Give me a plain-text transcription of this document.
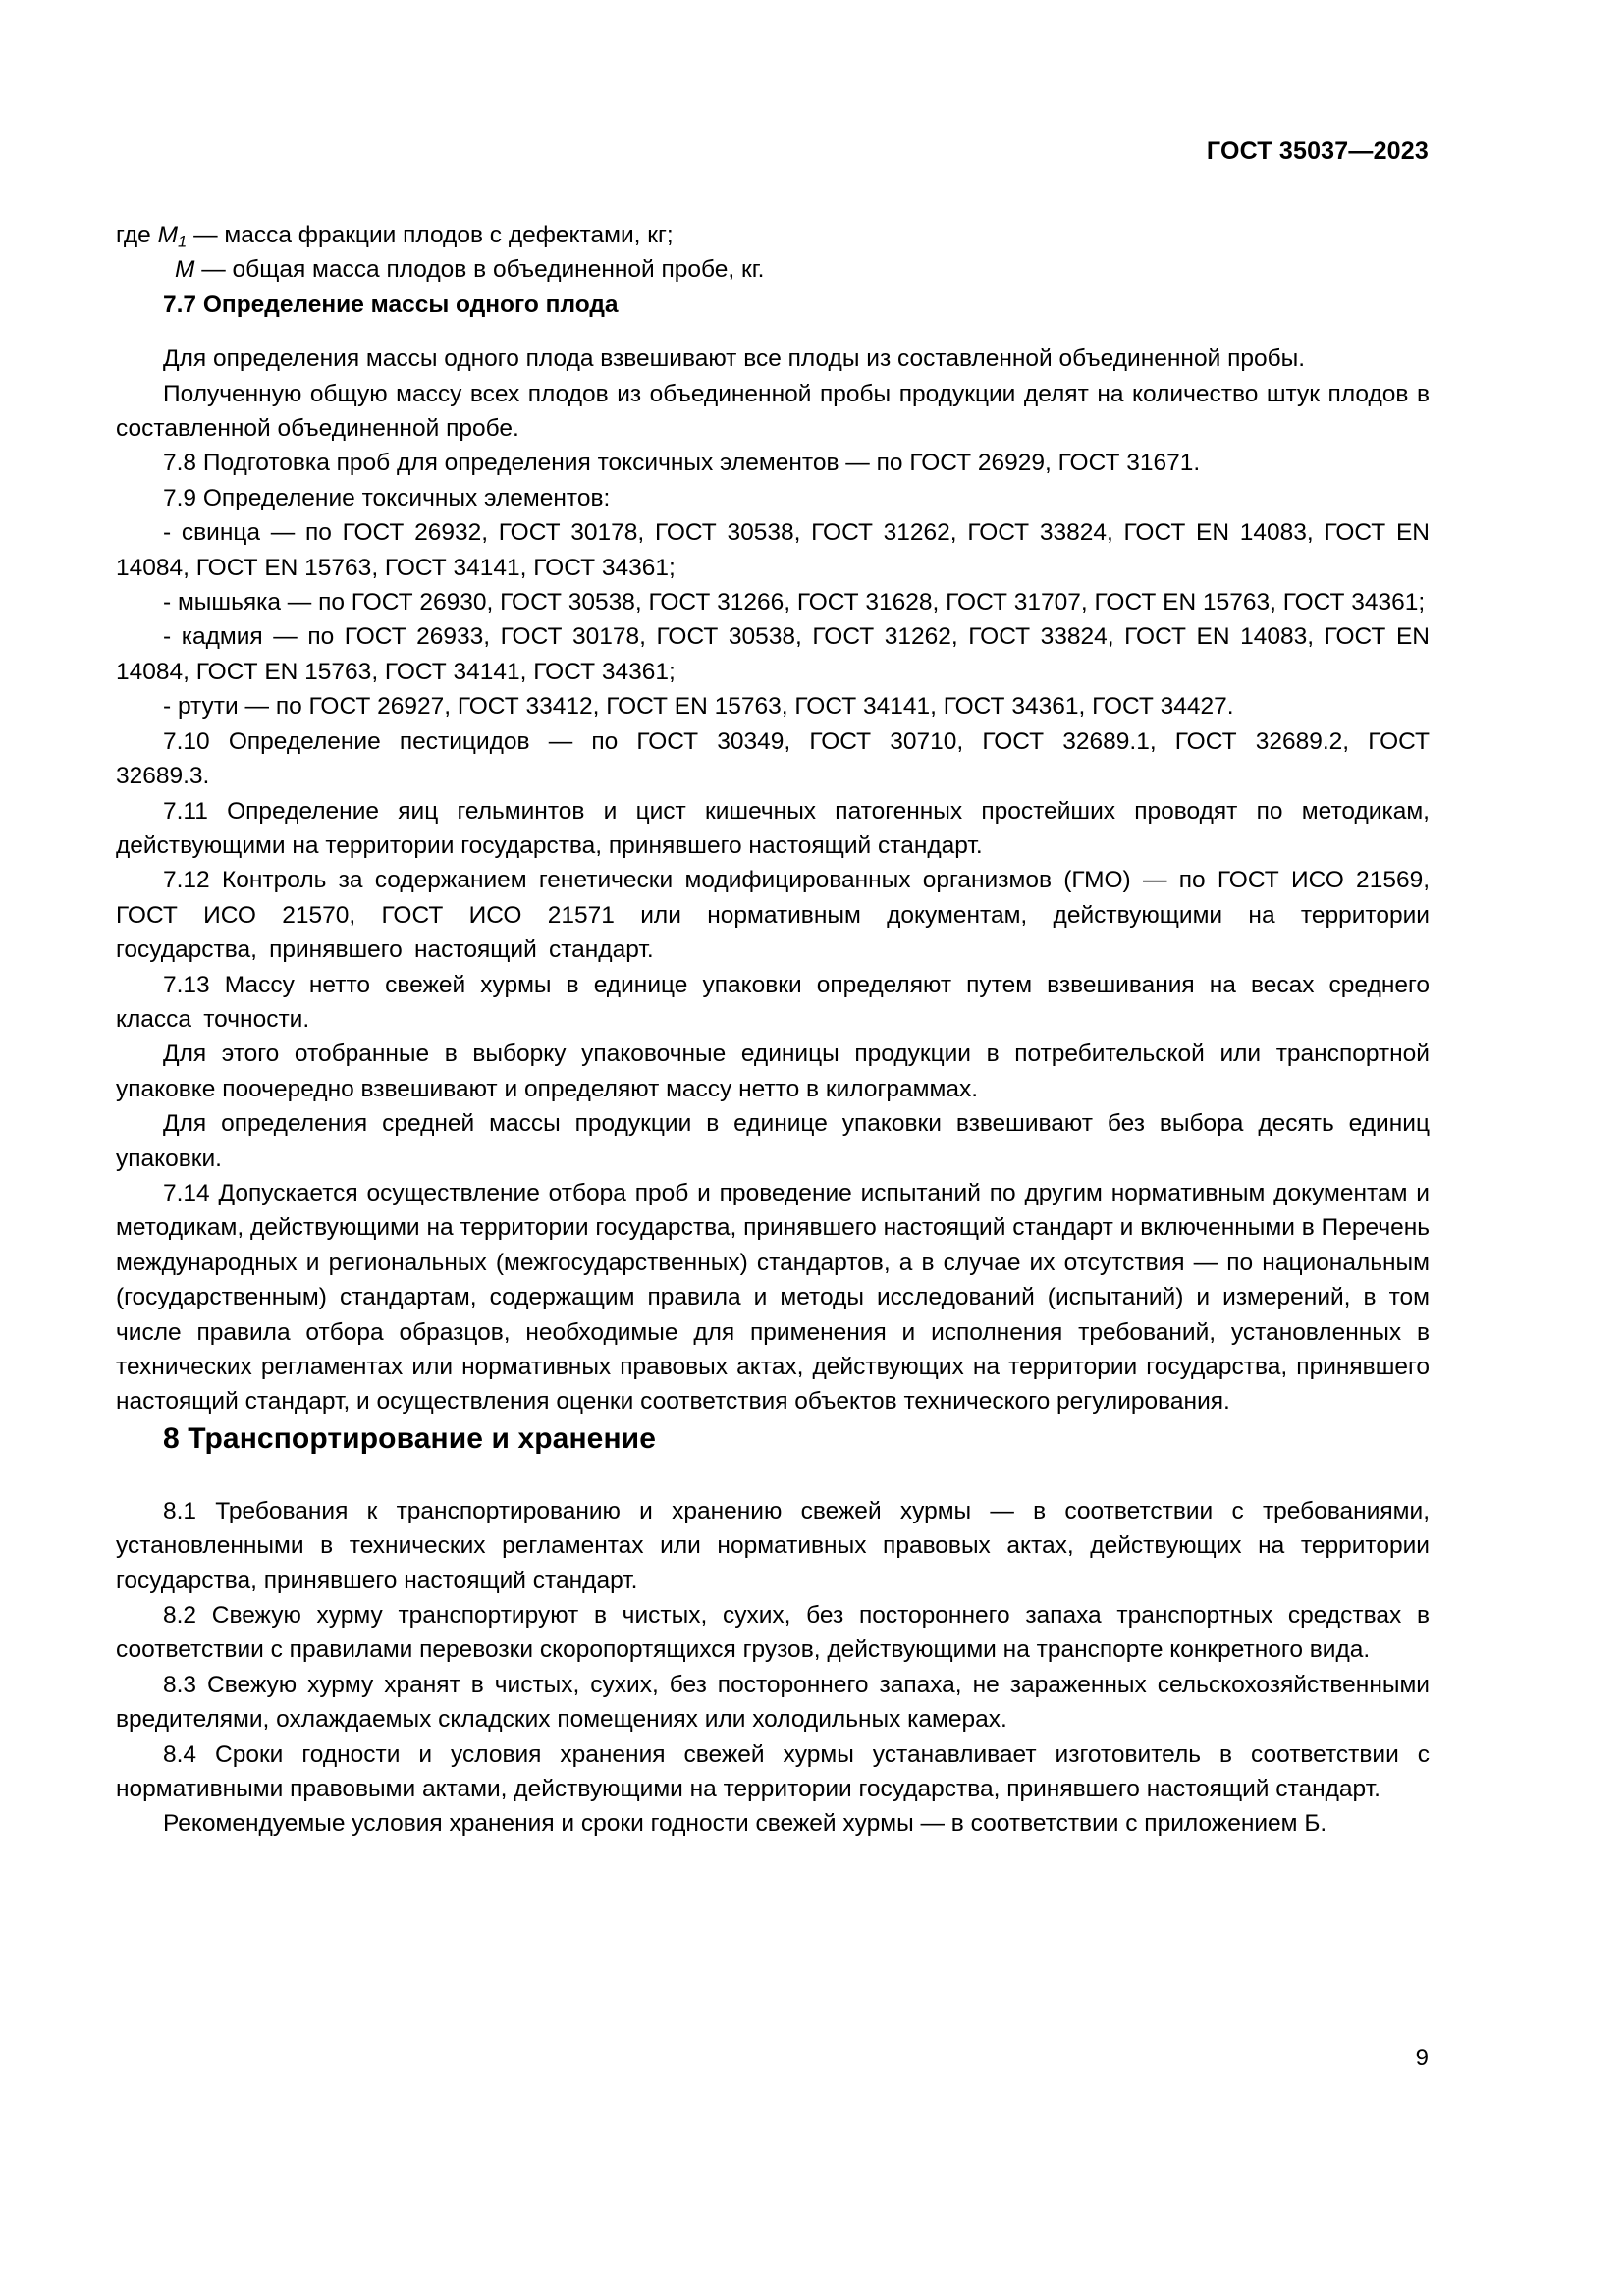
ГОСТ 35037—2023

где $M_1$ — масса фракции плодов с дефектами, кг;

M — общая масса плодов в объединенной пробе, кг.

7.7 Определение массы одного плода

Для определения массы одного плода взвешивают все плоды из составленной объединенной пробы.

Полученную общую массу всех плодов из объединенной пробы продукции делят на количество штук плодов в составленной объединенной пробе.

7.8 Подготовка проб для определения токсичных элементов — по ГОСТ 26929, ГОСТ 31671.

7.9 Определение токсичных элементов:

- свинца — по ГОСТ 26932, ГОСТ 30178, ГОСТ 30538, ГОСТ 31262, ГОСТ 33824, ГОСТ EN 14083, ГОСТ EN 14084, ГОСТ EN 15763, ГОСТ 34141, ГОСТ 34361;

- мышьяка — по ГОСТ 26930, ГОСТ 30538, ГОСТ 31266, ГОСТ 31628, ГОСТ 31707, ГОСТ EN 15763, ГОСТ 34361;

- кадмия — по ГОСТ 26933, ГОСТ 30178, ГОСТ 30538, ГОСТ 31262, ГОСТ 33824, ГОСТ EN 14083, ГОСТ EN 14084, ГОСТ EN 15763, ГОСТ 34141, ГОСТ 34361;

- ртути — по ГОСТ 26927, ГОСТ 33412, ГОСТ EN 15763, ГОСТ 34141, ГОСТ 34361, ГОСТ 34427.

7.10 Определение пестицидов — по ГОСТ 30349, ГОСТ 30710, ГОСТ 32689.1, ГОСТ 32689.2, ГОСТ 32689.3.

7.11 Определение яиц гельминтов и цист кишечных патогенных простейших проводят по методикам, действующими на территории государства, принявшего настоящий стандарт.

7.12 Контроль за содержанием генетически модифицированных организмов (ГМО) — по ГОСТ ИСО 21569, ГОСТ ИСО 21570, ГОСТ ИСО 21571 или нормативным документам, действующими на территории государства, принявшего настоящий стандарт.

7.13 Массу нетто свежей хурмы в единице упаковки определяют путем взвешивания на весах среднего класса точности.

Для этого отобранные в выборку упаковочные единицы продукции в потребительской или транспортной упаковке поочередно взвешивают и определяют массу нетто в килограммах.

Для определения средней массы продукции в единице упаковки взвешивают без выбора десять единиц упаковки.

7.14 Допускается осуществление отбора проб и проведение испытаний по другим нормативным документам и методикам, действующими на территории государства, принявшего настоящий стандарт и включенными в Перечень международных и региональных (межгосударственных) стандартов, а в случае их отсутствия — по национальным (государственным) стандартам, содержащим правила и методы исследований (испытаний) и измерений, в том числе правила отбора образцов, необходимые для применения и исполнения требований, установленных в технических регламентах или нормативных правовых актах, действующих на территории государства, принявшего настоящий стандарт, и осуществления оценки соответствия объектов технического регулирования.

8 Транспортирование и хранение

8.1 Требования к транспортированию и хранению свежей хурмы — в соответствии с требованиями, установленными в технических регламентах или нормативных правовых актах, действующих на территории государства, принявшего настоящий стандарт.

8.2 Свежую хурму транспортируют в чистых, сухих, без постороннего запаха транспортных средствах в соответствии с правилами перевозки скоропортящихся грузов, действующими на транспорте конкретного вида.

8.3 Свежую хурму хранят в чистых, сухих, без постороннего запаха, не зараженных сельскохозяйственными вредителями, охлаждаемых складских помещениях или холодильных камерах.

8.4 Сроки годности и условия хранения свежей хурмы устанавливает изготовитель в соответствии с нормативными правовыми актами, действующими на территории государства, принявшего настоящий стандарт.

Рекомендуемые условия хранения и сроки годности свежей хурмы — в соответствии с приложением Б.

9
